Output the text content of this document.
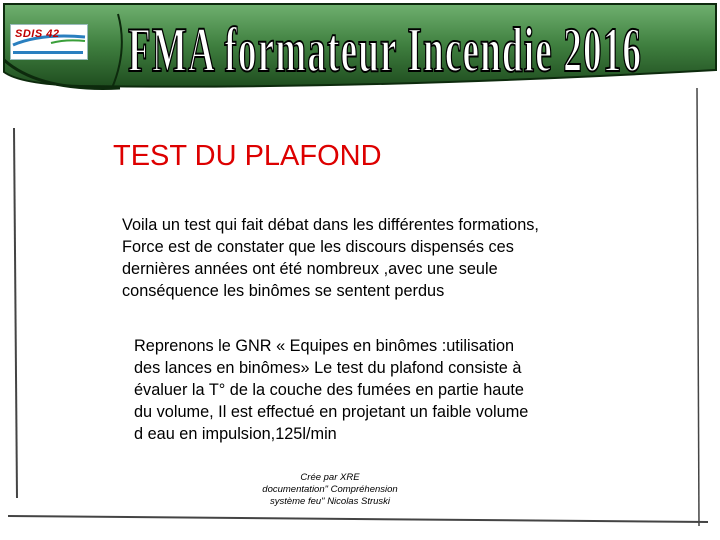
SDIS 42 FMA formateur Incendie 2016
TEST DU PLAFOND

Voila un test qui fait débat dans les différentes formations,
Force est de constater que les discours dispensés ces
dernières années ont été nombreux ,avec une seule
conséquence les binômes se sentent perdus

Reprenons le GNR « Equipes en binômes :utilisation
des lances en binômes» Le test du plafond consiste à
évaluer la T° de la couche des fumées en partie haute
du volume, Il est effectué en projetant un faible volume
d eau en impulsion,125l/min

Crée par XRE
documentation" Compréhension
système feu" Nicolas Struski
